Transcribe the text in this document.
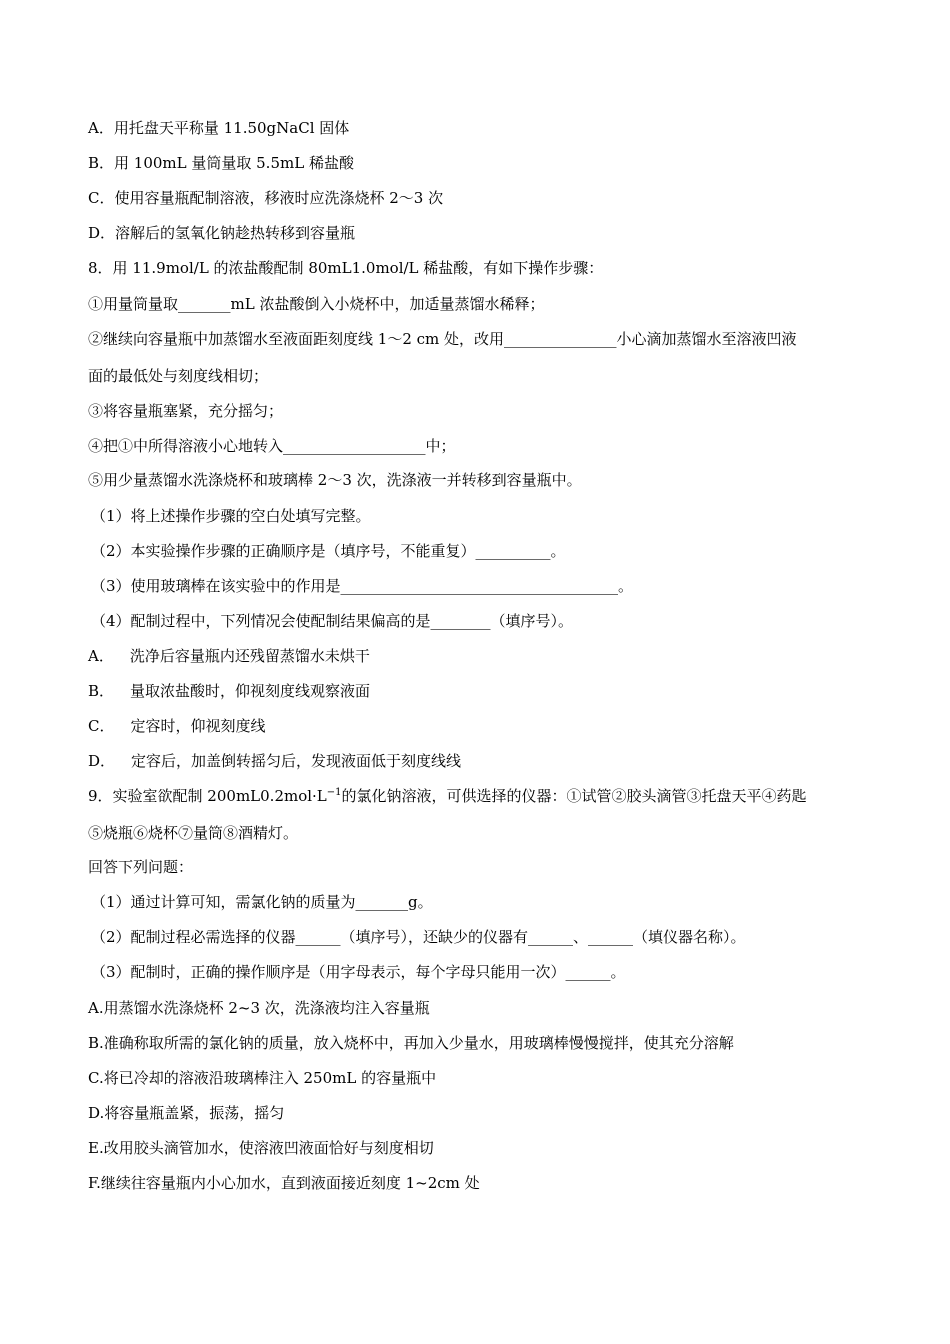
A．用托盘天平称量 11.50gNaCl 固体
B．用 100mL 量筒量取 5.5mL 稀盐酸
C．使用容量瓶配制溶液，移液时应洗涤烧杯 2～3 次
D．溶解后的氢氧化钠趁热转移到容量瓶
8．用 11.9mol/L 的浓盐酸配制 80mL1.0mol/L 稀盐酸，有如下操作步骤：
①用量筒量取_______mL 浓盐酸倒入小烧杯中，加适量蒸馏水稀释；
②继续向容量瓶中加蒸馏水至液面距刻度线 1～2 cm 处，改用_______________小心滴加蒸馏水至溶液凹液
面的最低处与刻度线相切；
③将容量瓶塞紧，充分摇匀；
④把①中所得溶液小心地转入___________________中；
⑤用少量蒸馏水洗涤烧杯和玻璃棒 2～3 次，洗涤液一并转移到容量瓶中。
（1）将上述操作步骤的空白处填写完整。
（2）本实验操作步骤的正确顺序是（填序号，不能重复）__________。
（3）使用玻璃棒在该实验中的作用是_____________________________________。
（4）配制过程中，下列情况会使配制结果偏高的是________（填序号）。
A． 洗净后容量瓶内还残留蒸馏水未烘干
B． 量取浓盐酸时，仰视刻度线观察液面
C． 定容时，仰视刻度线
D． 定容后，加盖倒转摇匀后，发现液面低于刻度线线
9．实验室欲配制 $200mL0.2mol\cdot L^{-1}$的氯化钠溶液，可供选择的仪器：①试管②胶头滴管③托盘天平④药匙
⑤烧瓶⑥烧杯⑦量筒⑧酒精灯。
回答下列问题：
（1）通过计算可知，需氯化钠的质量为_______g。
（2）配制过程必需选择的仪器______（填序号），还缺少的仪器有______、______（填仪器名称）。
（3）配制时，正确的操作顺序是（用字母表示，每个字母只能用一次）______。
A.用蒸馏水洗涤烧杯 2~3 次，洗涤液均注入容量瓶
B.准确称取所需的氯化钠的质量，放入烧杯中，再加入少量水，用玻璃棒慢慢搅拌，使其充分溶解
C.将已冷却的溶液沿玻璃棒注入 250mL 的容量瓶中
D.将容量瓶盖紧，振荡，摇匀
E.改用胶头滴管加水，使溶液凹液面恰好与刻度相切
F.继续往容量瓶内小心加水，直到液面接近刻度 1~2cm 处
